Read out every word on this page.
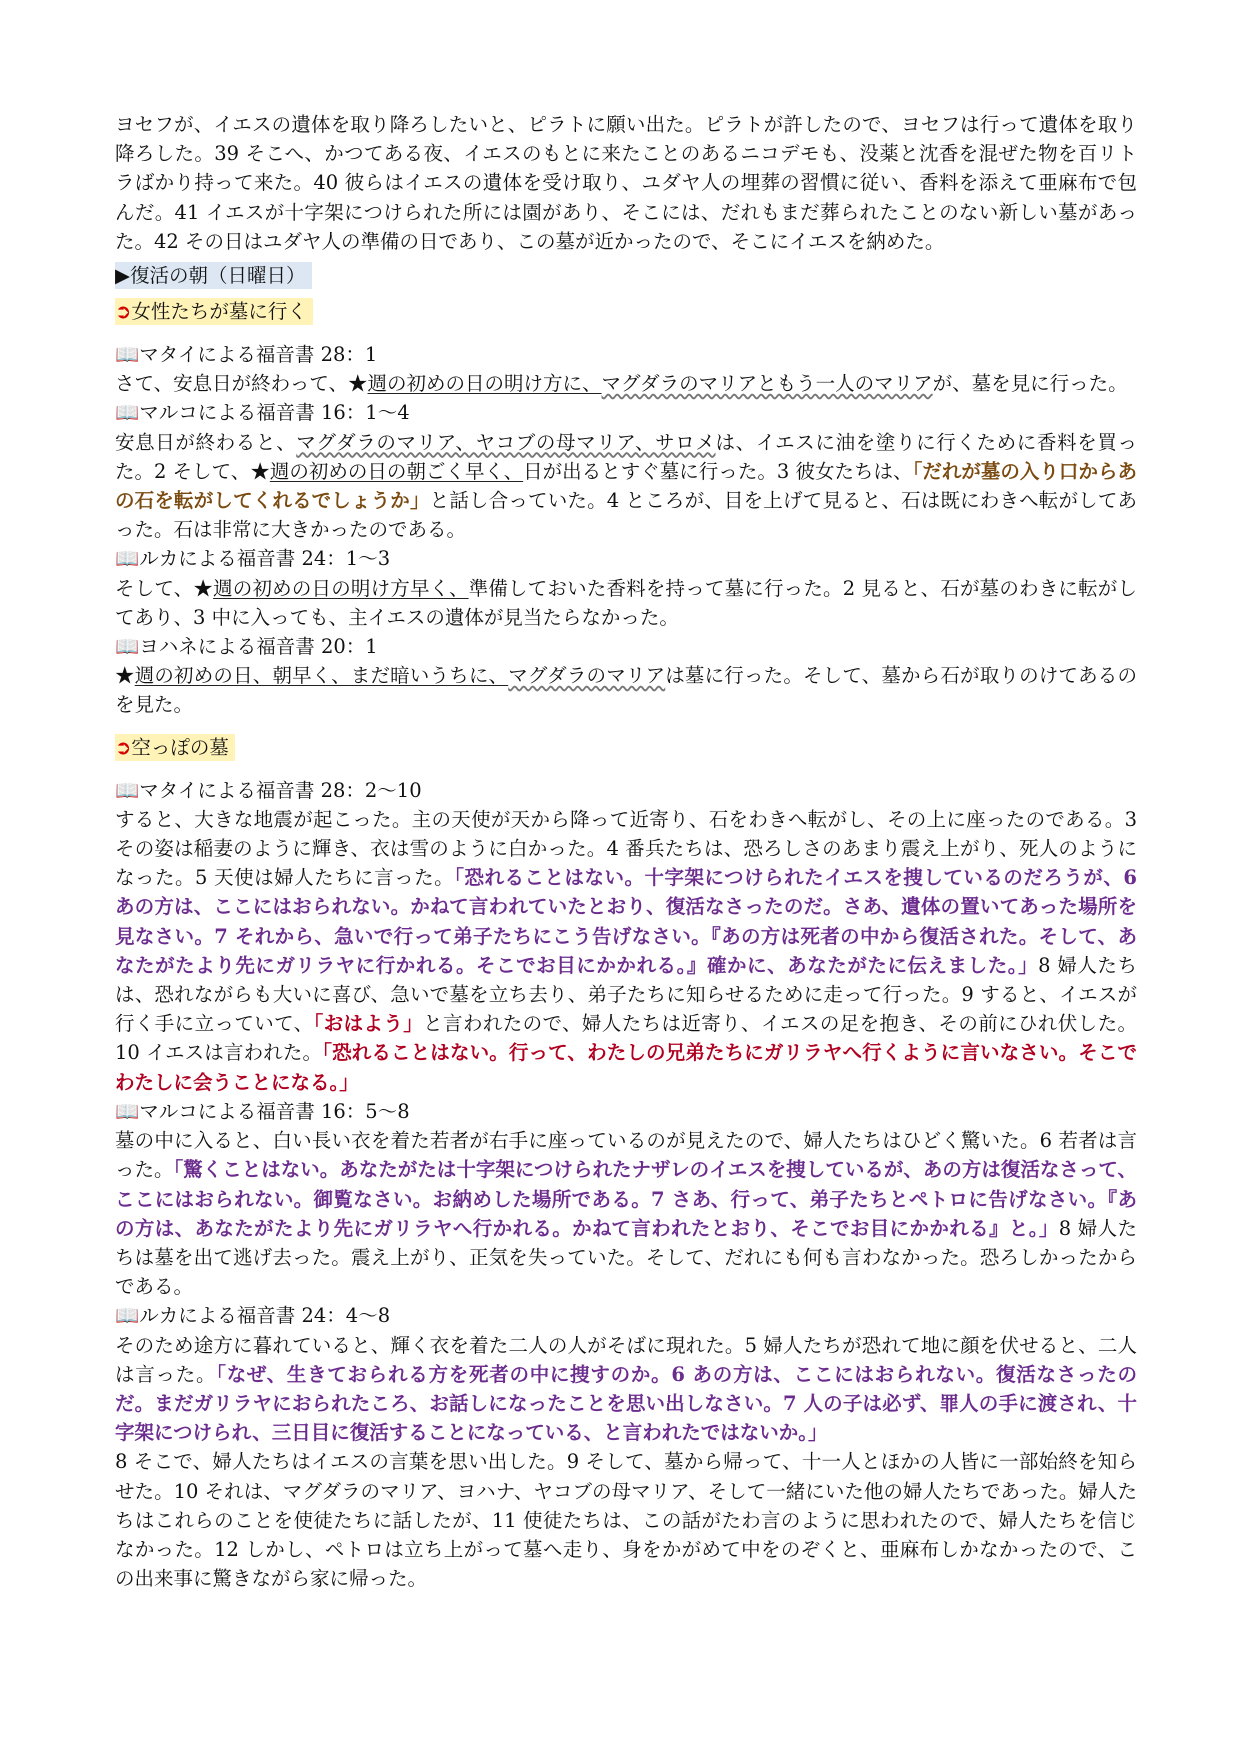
ヨセフが、イエスの遺体を取り降ろしたいと、ピラトに願い出た。ピラトが許したので、ヨセフは行って遺体を取り降ろした。39 そこへ、かつてある夜、イエスのもとに来たことのあるニコデモも、没薬と沈香を混ぜた物を百リトラばかり持って来た。40 彼らはイエスの遺体を受け取り、ユダヤ人の埋葬の習慣に従い、香料を添えて亜麻布で包んだ。41 イエスが十字架につけられた所には園があり、そこには、だれもまだ葬られたことのない新しい墓があった。42 その日はユダヤ人の準備の日であり、この墓が近かったので、そこにイエスを納めた。

▶復活の朝（日曜日）
➲女性たちが墓に行く

📖マタイによる福音書 28：1

さて、安息日が終わって、★週の初めの日の明け方に、マグダラのマリアともう一人のマリアが、墓を見に行った。

📖マルコによる福音書 16：1〜4

安息日が終わると、マグダラのマリア、ヤコブの母マリア、サロメは、イエスに油を塗りに行くために香料を買った。2 そして、★週の初めの日の朝ごく早く、日が出るとすぐ墓に行った。3 彼女たちは、「だれが墓の入り口からあの石を転がしてくれるでしょうか」と話し合っていた。4 ところが、目を上げて見ると、石は既にわきへ転がしてあった。石は非常に大きかったのである。

📖ルカによる福音書 24：1〜3

そして、★週の初めの日の明け方早く、準備しておいた香料を持って墓に行った。2 見ると、石が墓のわきに転がしてあり、3 中に入っても、主イエスの遺体が見当たらなかった。

📖ヨハネによる福音書 20：1

★週の初めの日、朝早く、まだ暗いうちに、マグダラのマリアは墓に行った。そして、墓から石が取りのけてあるのを見た。

➲空っぽの墓

📖マタイによる福音書 28：2〜10

すると、大きな地震が起こった。主の天使が天から降って近寄り、石をわきへ転がし、その上に座ったのである。3 その姿は稲妻のように輝き、衣は雪のように白かった。4 番兵たちは、恐ろしさのあまり震え上がり、死人のようになった。5 天使は婦人たちに言った。「恐れることはない。十字架につけられたイエスを捜しているのだろうが、6 あの方は、ここにはおられない。かねて言われていたとおり、復活なさったのだ。さあ、遺体の置いてあった場所を見なさい。7 それから、急いで行って弟子たちにこう告げなさい。『あの方は死者の中から復活された。そして、あなたがたより先にガリラヤに行かれる。そこでお目にかかれる。』確かに、あなたがたに伝えました。」8 婦人たちは、恐れながらも大いに喜び、急いで墓を立ち去り、弟子たちに知らせるために走って行った。9 すると、イエスが行く手に立っていて、「おはよう」と言われたので、婦人たちは近寄り、イエスの足を抱き、その前にひれ伏した。10 イエスは言われた。「恐れることはない。行って、わたしの兄弟たちにガリラヤへ行くように言いなさい。そこでわたしに会うことになる。」

📖マルコによる福音書 16：5〜8

墓の中に入ると、白い長い衣を着た若者が右手に座っているのが見えたので、婦人たちはひどく驚いた。6 若者は言った。「驚くことはない。あなたがたは十字架につけられたナザレのイエスを捜しているが、あの方は復活なさって、ここにはおられない。御覧なさい。お納めした場所である。7 さあ、行って、弟子たちとペトロに告げなさい。『あの方は、あなたがたより先にガリラヤへ行かれる。かねて言われたとおり、そこでお目にかかれる』と。」8 婦人たちは墓を出て逃げ去った。震え上がり、正気を失っていた。そして、だれにも何も言わなかった。恐ろしかったからである。

📖ルカによる福音書 24：4〜8

そのため途方に暮れていると、輝く衣を着た二人の人がそばに現れた。5 婦人たちが恐れて地に顔を伏せると、二人は言った。「なぜ、生きておられる方を死者の中に捜すのか。6 あの方は、ここにはおられない。復活なさったのだ。まだガリラヤにおられたころ、お話しになったことを思い出しなさい。7 人の子は必ず、罪人の手に渡され、十字架につけられ、三日目に復活することになっている、と言われたではないか。」

8 そこで、婦人たちはイエスの言葉を思い出した。9 そして、墓から帰って、十一人とほかの人皆に一部始終を知らせた。10 それは、マグダラのマリア、ヨハナ、ヤコブの母マリア、そして一緒にいた他の婦人たちであった。婦人たちはこれらのことを使徒たちに話したが、11 使徒たちは、この話がたわ言のように思われたので、婦人たちを信じなかった。12 しかし、ペトロは立ち上がって墓へ走り、身をかがめて中をのぞくと、亜麻布しかなかったので、この出来事に驚きながら家に帰った。
